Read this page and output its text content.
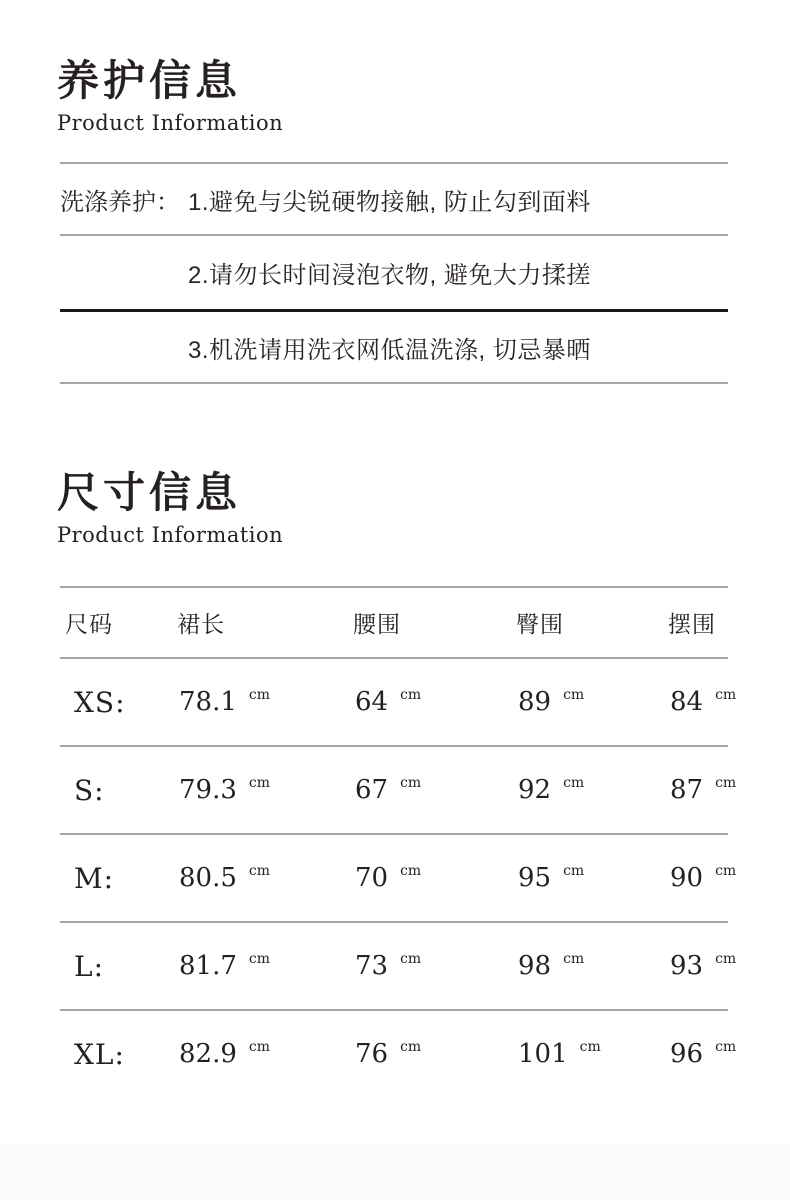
养护信息
Product Information
洗涤养护： 1.避免与尖锐硬物接触, 防止勾到面料
2.请勿长时间浸泡衣物, 避免大力揉搓
3.机洗请用洗衣网低温洗涤, 切忌暴晒
尺寸信息
Product Information
尺码	裙长	腰围	臀围	摆围
XS:	78.1 cm	64 cm	89 cm	84 cm
S:	79.3 cm	67 cm	92 cm	87 cm
M:	80.5 cm	70 cm	95 cm	90 cm
L:	81.7 cm	73 cm	98 cm	93 cm
XL:	82.9 cm	76 cm	101 cm	96 cm
